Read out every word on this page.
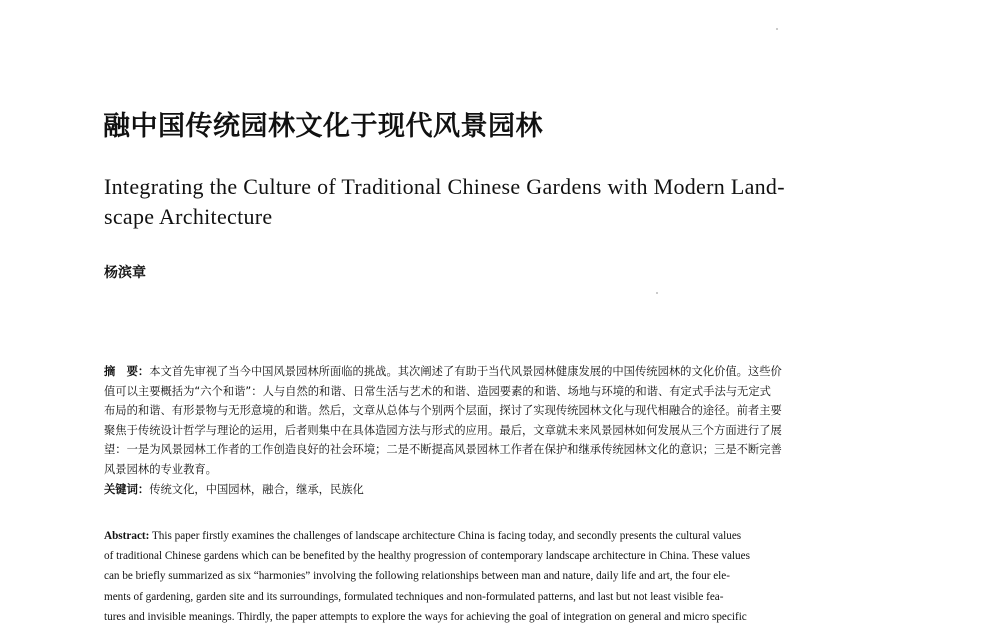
融中国传统园林文化于现代风景园林
Integrating the Culture of Traditional Chinese Gardens with Modern Land-
scape Architecture
杨滨章
摘　要：本文首先审视了当今中国风景园林所面临的挑战。其次阐述了有助于当代风景园林健康发展的中国传统园林的文化价值。这些价
值可以主要概括为“六个和谐”：人与自然的和谐、日常生活与艺术的和谐、造园要素的和谐、场地与环境的和谐、有定式手法与无定式
布局的和谐、有形景物与无形意境的和谐。然后，文章从总体与个别两个层面，探讨了实现传统园林文化与现代相融合的途径。前者主要
聚焦于传统设计哲学与理论的运用，后者则集中在具体造园方法与形式的应用。最后，文章就未来风景园林如何发展从三个方面进行了展
望：一是为风景园林工作者的工作创造良好的社会环境；二是不断提高风景园林工作者在保护和继承传统园林文化的意识；三是不断完善
风景园林的专业教育。
关键词：传统文化，中国园林，融合，继承，民族化
Abstract: This paper firstly examines the challenges of landscape architecture China is facing today, and secondly presents the cultural values
of traditional Chinese gardens which can be benefited by the healthy progression of contemporary landscape architecture in China. These values
can be briefly summarized as six “harmonies” involving the following relationships between man and nature, daily life and art, the four ele-
ments of gardening, garden site and its surroundings, formulated techniques and non-formulated patterns, and last but not least visible fea-
tures and invisible meanings. Thirdly, the paper attempts to explore the ways for achieving the goal of integration on general and micro specific
